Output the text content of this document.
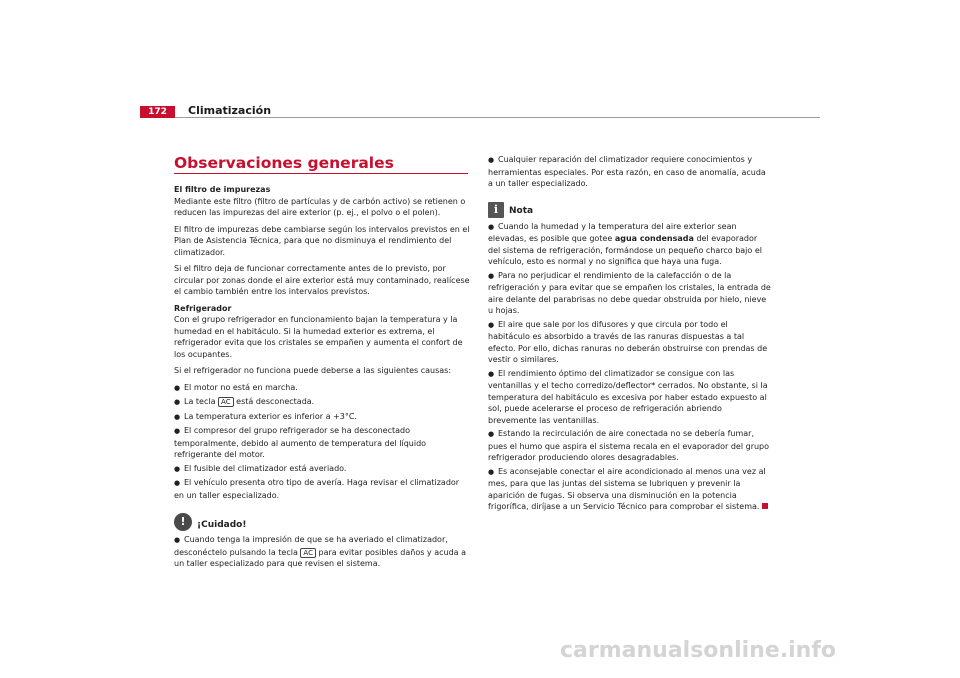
172	Climatización
Observaciones generales

El filtro de impurezas

Mediante este filtro (filtro de partículas y de carbón activo) se retienen o reducen las impurezas del aire exterior (p. ej., el polvo o el polen).

El filtro de impurezas debe cambiarse según los intervalos previstos en el Plan de Asistencia Técnica, para que no disminuya el rendimiento del climatizador.

Si el filtro deja de funcionar correctamente antes de lo previsto, por circular por zonas donde el aire exterior está muy contaminado, realícese el cambio también entre los intervalos previstos.

Refrigerador

Con el grupo refrigerador en funcionamiento bajan la temperatura y la humedad en el habitáculo. Si la humedad exterior es extrema, el refrigerador evita que los cristales se empañen y aumenta el confort de los ocupantes.

Si el refrigerador no funciona puede deberse a las siguientes causas:

● El motor no está en marcha.
● La tecla AC está desconectada.
● La temperatura exterior es inferior a +3°C.
● El compresor del grupo refrigerador se ha desconectado temporalmente, debido al aumento de temperatura del líquido refrigerante del motor.
● El fusible del climatizador está averiado.
● El vehículo presenta otro tipo de avería. Haga revisar el climatizador en un taller especializado.
!	¡Cuidado!
● Cuando tenga la impresión de que se ha averiado el climatizador, desconéctelo pulsando la tecla AC para evitar posibles daños y acuda a un taller especializado para que revisen el sistema.
● Cualquier reparación del climatizador requiere conocimientos y herramientas especiales. Por esta razón, en caso de anomalía, acuda a un taller especializado.
i	Nota
● Cuando la humedad y la temperatura del aire exterior sean elevadas, es posible que gotee agua condensada del evaporador del sistema de refrigeración, formándose un pequeño charco bajo el vehículo, esto es normal y no significa que haya una fuga.
● Para no perjudicar el rendimiento de la calefacción o de la refrigeración y para evitar que se empañen los cristales, la entrada de aire delante del parabrisas no debe quedar obstruida por hielo, nieve u hojas.
● El aire que sale por los difusores y que circula por todo el habitáculo es absorbido a través de las ranuras dispuestas a tal efecto. Por ello, dichas ranuras no deberán obstruirse con prendas de vestir o similares.
● El rendimiento óptimo del climatizador se consigue con las ventanillas y el techo corredizo/deflector* cerrados. No obstante, si la temperatura del habitáculo es excesiva por haber estado expuesto al sol, puede acelerarse el proceso de refrigeración abriendo brevemente las ventanillas.
● Estando la recirculación de aire conectada no se debería fumar, pues el humo que aspira el sistema recala en el evaporador del grupo refrigerador produciendo olores desagradables.
● Es aconsejable conectar el aire acondicionado al menos una vez al mes, para que las juntas del sistema se lubriquen y prevenir la aparición de fugas. Si observa una disminución en la potencia frigorífica, diríjase a un Servicio Técnico para comprobar el sistema.
carmanualsonline.info
